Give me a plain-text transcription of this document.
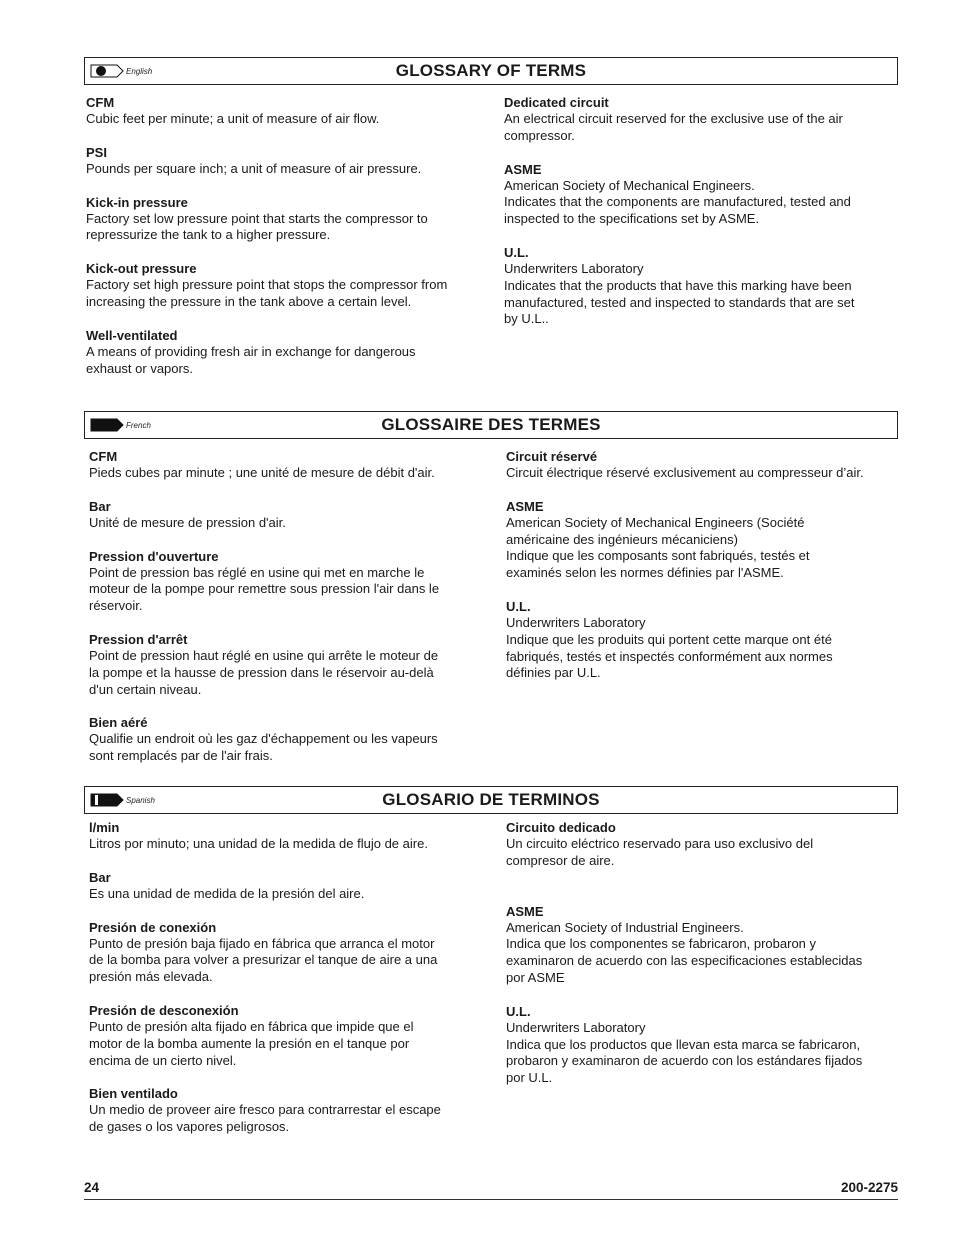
English	GLOSSARY OF TERMS
CFM
Cubic feet per minute; a unit of measure of air flow.
PSI
Pounds per square inch; a unit of measure of air pressure.
Kick-in pressure
Factory set low pressure point that starts the compressor to
repressurize the tank to a higher pressure.
Kick-out pressure
Factory set high pressure point that stops the compressor from
increasing the pressure in the tank above a certain level.
Well-ventilated
A means of providing fresh air in exchange for dangerous
exhaust or vapors.
Dedicated circuit
An electrical circuit reserved for the exclusive use of the air
compressor.
ASME
American Society of Mechanical Engineers.
Indicates that the components are manufactured, tested and
inspected to the specifications set by ASME.
U.L.
Underwriters Laboratory
Indicates that the products that have this marking have been
manufactured, tested and inspected to standards that are set
by U.L..
French	GLOSSAIRE DES TERMES
CFM
Pieds cubes par minute ; une unité de mesure de débit d'air.
Bar
Unité de mesure de pression d'air.
Pression d'ouverture
Point de pression bas réglé en usine qui met en marche le
moteur de la pompe pour remettre sous pression l'air dans le
réservoir.
Pression d'arrêt
Point de pression haut réglé en usine qui arrête le moteur de
la pompe et la hausse de pression dans le réservoir au-delà
d'un certain niveau.
Bien aéré
Qualifie un endroit où les gaz d'échappement ou les vapeurs
sont remplacés par de l'air frais.
Circuit réservé
Circuit électrique réservé exclusivement au compresseur d’air.
ASME
American Society of Mechanical Engineers (Société
américaine des ingénieurs mécaniciens)
Indique que les composants sont fabriqués, testés et
examinés selon les normes définies par l'ASME.
U.L.
Underwriters Laboratory
Indique que les produits qui portent cette marque ont été
fabriqués, testés et inspectés conformément aux normes
définies par U.L.
Spanish	GLOSARIO DE TERMINOS
l/min
Litros por minuto; una unidad de la medida de flujo de aire.
Bar
Es una unidad de medida de la presión del aire.
Presión de conexión
Punto de presión baja fijado en fábrica que arranca el motor
de la bomba para volver a presurizar el tanque de aire a una
presión más elevada.
Presión de desconexión
Punto de presión alta fijado en fábrica que impide que el
motor de la bomba aumente la presión en el tanque por
encima de un cierto nivel.
Bien ventilado
Un medio de proveer aire fresco para contrarrestar el escape
de gases o los vapores peligrosos.
Circuito dedicado
Un circuito eléctrico reservado para uso exclusivo del
compresor de aire.
ASME
American Society of Industrial Engineers.
Indica que los componentes se fabricaron, probaron y
examinaron de acuerdo con las especificaciones establecidas
por ASME
U.L.
Underwriters Laboratory
Indica que los productos que llevan esta marca se fabricaron,
probaron y examinaron de acuerdo con los estándares fijados
por U.L.
24	200-2275
